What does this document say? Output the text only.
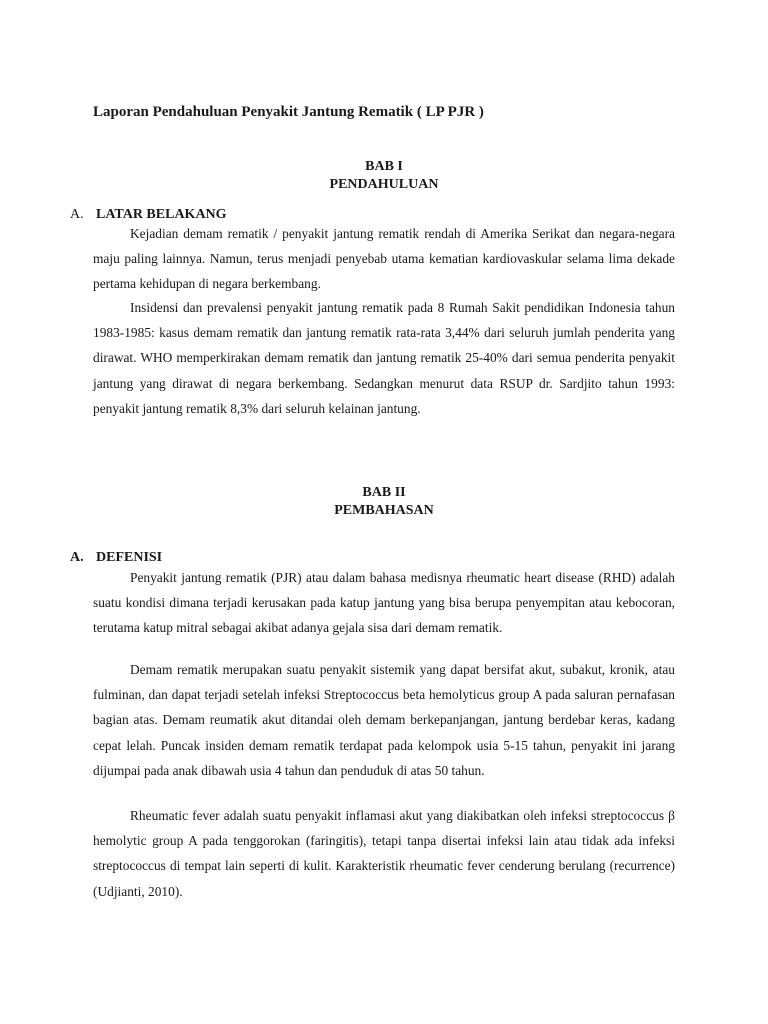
Laporan Pendahuluan Penyakit Jantung Rematik ( LP PJR )
BAB I
PENDAHULUAN
A. LATAR BELAKANG

Kejadian demam rematik / penyakit jantung rematik rendah di Amerika Serikat dan negara-negara maju paling lainnya. Namun, terus menjadi penyebab utama kematian kardiovaskular selama lima dekade pertama kehidupan di negara berkembang.

Insidensi dan prevalensi penyakit jantung rematik pada 8 Rumah Sakit pendidikan Indonesia tahun 1983-1985: kasus demam rematik dan jantung rematik rata-rata 3,44% dari seluruh jumlah penderita yang dirawat. WHO memperkirakan demam rematik dan jantung rematik 25-40% dari semua penderita penyakit jantung yang dirawat di negara berkembang. Sedangkan menurut data RSUP dr. Sardjito tahun 1993: penyakit jantung rematik 8,3% dari seluruh kelainan jantung.

BAB II
PEMBAHASAN
A. DEFENISI

Penyakit jantung rematik (PJR) atau dalam bahasa medisnya rheumatic heart disease (RHD) adalah suatu kondisi dimana terjadi kerusakan pada katup jantung yang bisa berupa penyempitan atau kebocoran, terutama katup mitral sebagai akibat adanya gejala sisa dari demam rematik.

Demam rematik merupakan suatu penyakit sistemik yang dapat bersifat akut, subakut, kronik, atau fulminan, dan dapat terjadi setelah infeksi Streptococcus beta hemolyticus group A pada saluran pernafasan bagian atas. Demam reumatik akut ditandai oleh demam berkepanjangan, jantung berdebar keras, kadang cepat lelah. Puncak insiden demam rematik terdapat pada kelompok usia 5-15 tahun, penyakit ini jarang dijumpai pada anak dibawah usia 4 tahun dan penduduk di atas 50 tahun.

Rheumatic fever adalah suatu penyakit inflamasi akut yang diakibatkan oleh infeksi streptococcus β hemolytic group A pada tenggorokan (faringitis), tetapi tanpa disertai infeksi lain atau tidak ada infeksi streptococcus di tempat lain seperti di kulit. Karakteristik rheumatic fever cenderung berulang (recurrence) (Udjianti, 2010).
